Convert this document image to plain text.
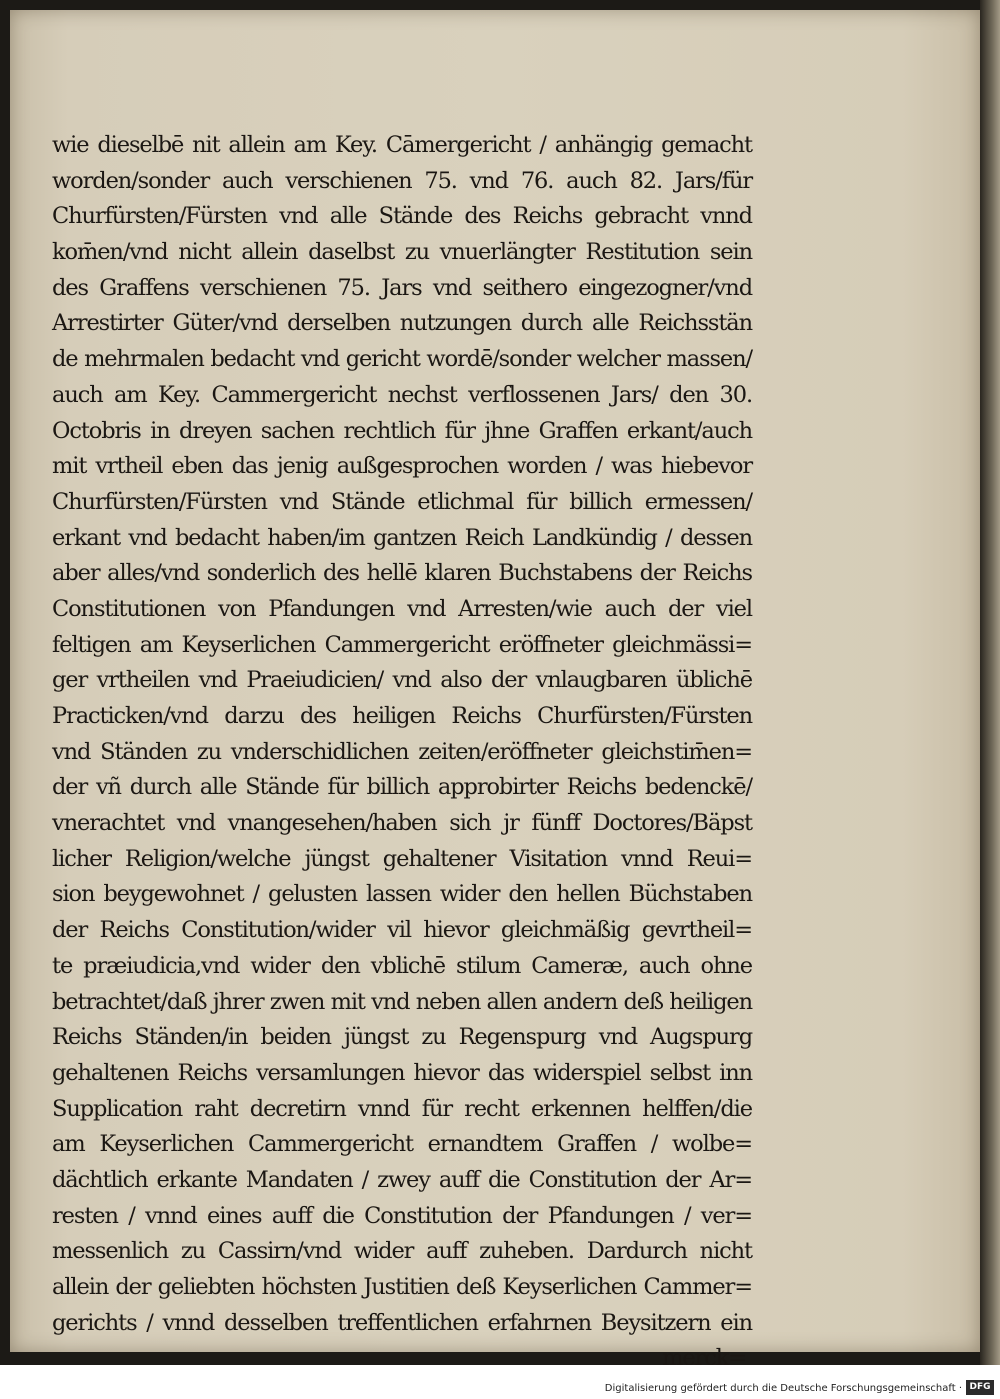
wie dieselbē nit allein am Key. Cāmergericht / anhängig gemacht
worden/sonder auch verschienen 75. vnd 76. auch 82. Jars/für
Churfürsten/Fürsten vnd alle Stände des Reichs gebracht vnnd
kom̄en/vnd nicht allein daselbst zu vnuerlängter Restitution sein
des Graffens verschienen 75. Jars vnd seithero eingezogner/vnd
Arrestirter Güter/vnd derselben nutzungen durch alle Reichsstän
de mehrmalen bedacht vnd gericht wordē/sonder welcher massen/
auch am Key. Cammergericht nechst verflossenen Jars/ den 30.
Octobris in dreyen sachen rechtlich für jhne Graffen erkant/auch
mit vrtheil eben das jenig außgesprochen worden / was hiebevor
Churfürsten/Fürsten vnd Stände etlichmal für billich ermessen/
erkant vnd bedacht haben/im gantzen Reich Landkündig / dessen
aber alles/vnd sonderlich des hellē klaren Buchstabens der Reichs
Constitutionen von Pfandungen vnd Arresten/wie auch der viel
feltigen am Keyserlichen Cammergericht eröffneter gleichmässi=
ger vrtheilen vnd Praeiudicien/ vnd also der vnlaugbaren üblichē
Practicken/vnd darzu des heiligen Reichs Churfürsten/Fürsten
vnd Ständen zu vnderschidlichen zeiten/eröffneter gleichstim̄en=
der vñ durch alle Stände für billich approbirter Reichs bedenckē/
vnerachtet vnd vnangesehen/haben sich jr fünff Doctores/Bäpst
licher Religion/welche jüngst gehaltener Visitation vnnd Reui=
sion beygewohnet / gelusten lassen wider den hellen Büchstaben
der Reichs Constitution/wider vil hievor gleichmäßig gevrtheil=
te præiudicia,vnd wider den vblichē stilum Cameræ, auch ohne
betrachtet/daß jhrer zwen mit vnd neben allen andern deß heiligen
Reichs Ständen/in beiden jüngst zu Regenspurg vnd Augspurg
gehaltenen Reichs versamlungen hievor das widerspiel selbst inn
Supplication raht decretirn vnnd für recht erkennen helffen/die
am Keyserlichen Cammergericht ernandtem Graffen / wolbe=
dächtlich erkante Mandaten / zwey auff die Constitution der Ar=
resten / vnnd eines auff die Constitution der Pfandungen / ver=
messenlich zu Cassirn/vnd wider auff zuheben. Dardurch nicht
allein der geliebten höchsten Justitien deß Keyserlichen Cammer=
gerichts / vnnd desselben treffentlichen erfahrnen Beysitzern ein
merck=
Digitalisierung gefördert durch die Deutsche Forschungsgemeinschaft · DFG
